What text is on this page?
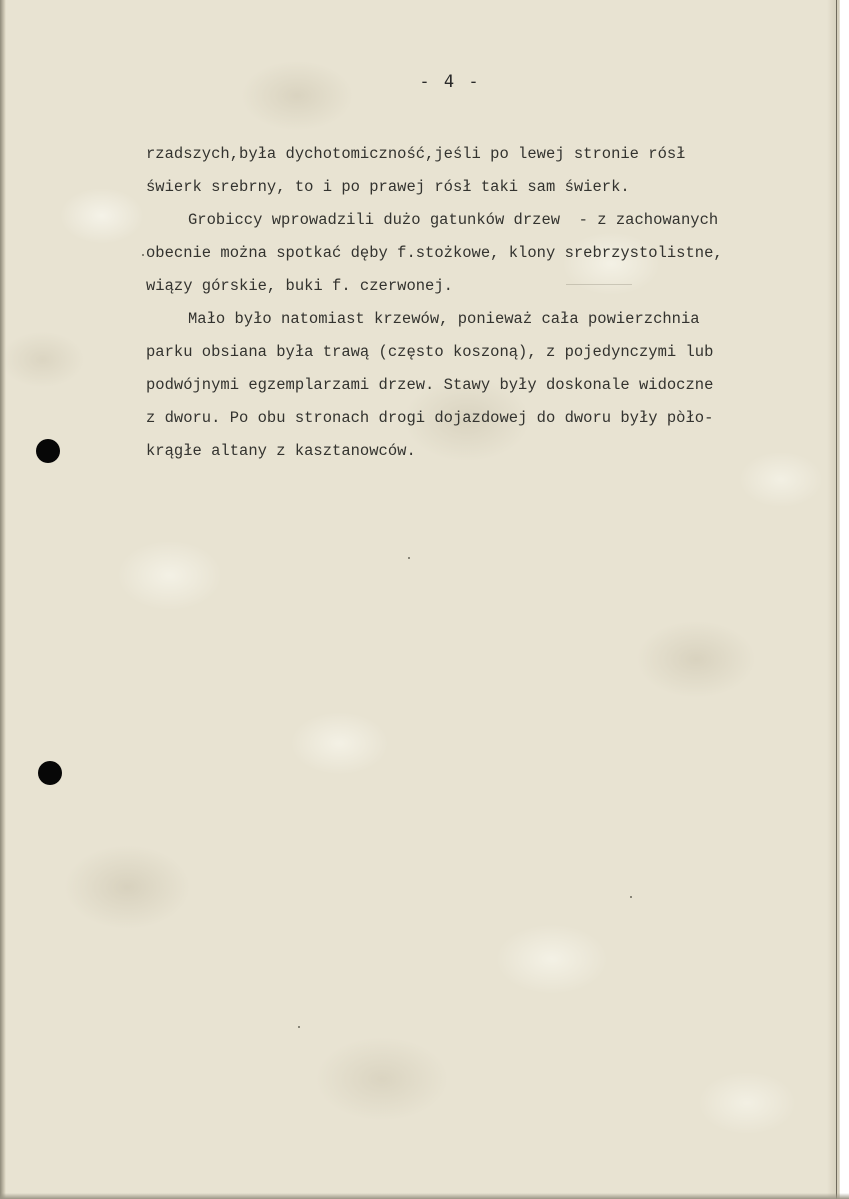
- 4 -
rzadszych,była dychotomiczność,jeśli po lewej stronie rósł
świerk srebrny, to i po prawej rósł taki sam świerk.
Grobiccy wprowadzili dużo gatunków drzew  - z zachowanych
obecnie można spotkać dęby f.stożkowe, klony srebrzystolistne,
wiązy górskie, buki f. czerwonej.
Mało było natomiast krzewów, ponieważ cała powierzchnia
parku obsiana była trawą (często koszoną), z pojedynczymi lub
podwójnymi egzemplarzami drzew. Stawy były doskonale widoczne
z dworu. Po obu stronach drogi dojazdowej do dworu były pòło-
krągłe altany z kasztanowców.
